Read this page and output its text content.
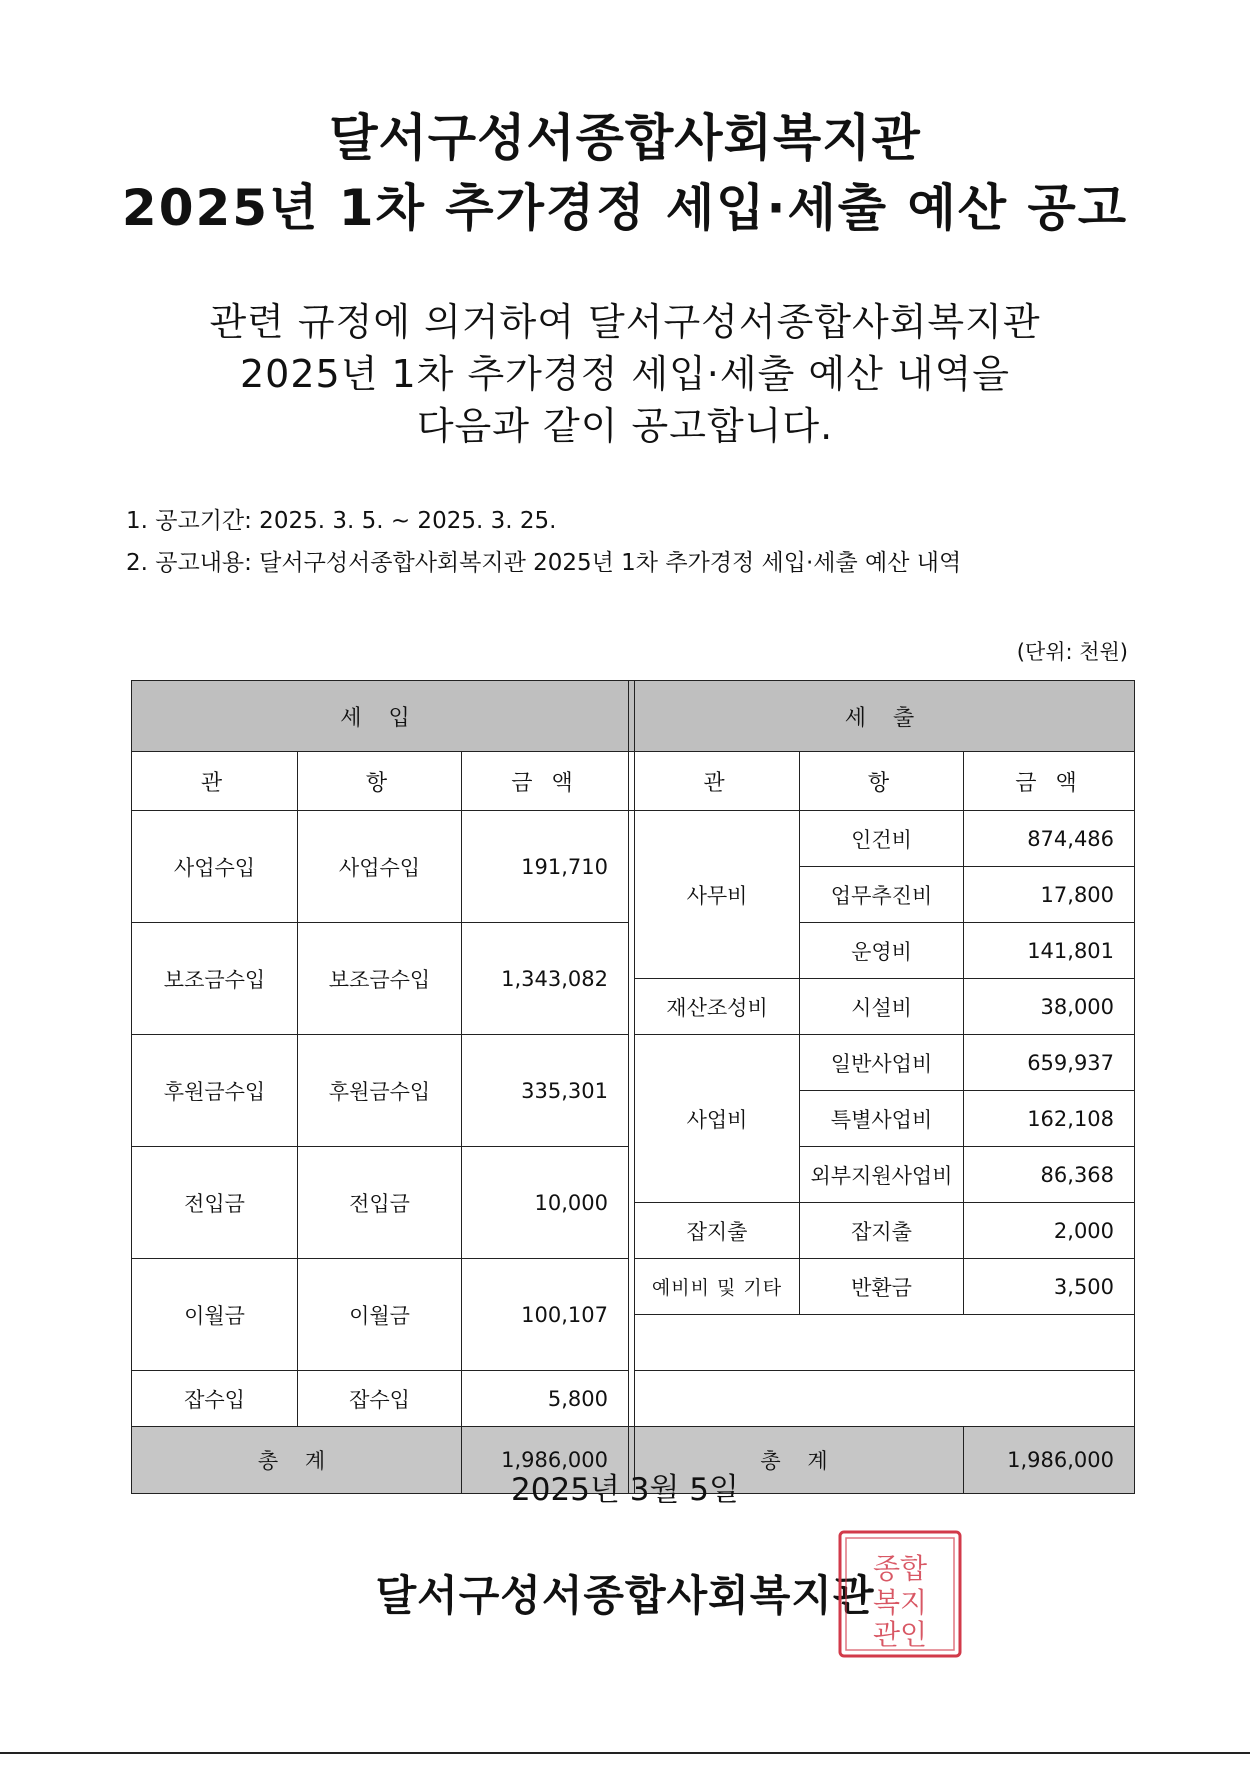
달서구성서종합사회복지관
2025년 1차 추가경정 세입·세출 예산 공고
관련 규정에 의거하여 달서구성서종합사회복지관
2025년 1차 추가경정 세입·세출 예산 내역을
다음과 같이 공고합니다.
1. 공고기간: 2025. 3. 5. ~ 2025. 3. 25.
2. 공고내용: 달서구성서종합사회복지관 2025년 1차 추가경정 세입·세출 예산 내역
(단위: 천원)
세 입				세 출		
관	항	금 액		관	항	금 액
사업수입	사업수입	191,710		사무비	인건비	874,486
					업무추진비	17,800
보조금수입	보조금수입	1,343,082			운영비	141,801
				재산조성비	시설비	38,000
후원금수입	후원금수입	335,301		사업비	일반사업비	659,937
					특별사업비	162,108
전입금	전입금	10,000			외부지원사업비	86,368
				잡지출	잡지출	2,000
이월금	이월금	100,107		예비비 및 기타	반환금	3,500

잡수입	잡수입	5,800				
총 계		1,986,000		총 계		1,986,000
2025년 3월 5일
달서구성서종합사회복지관
종합
복지
관인
